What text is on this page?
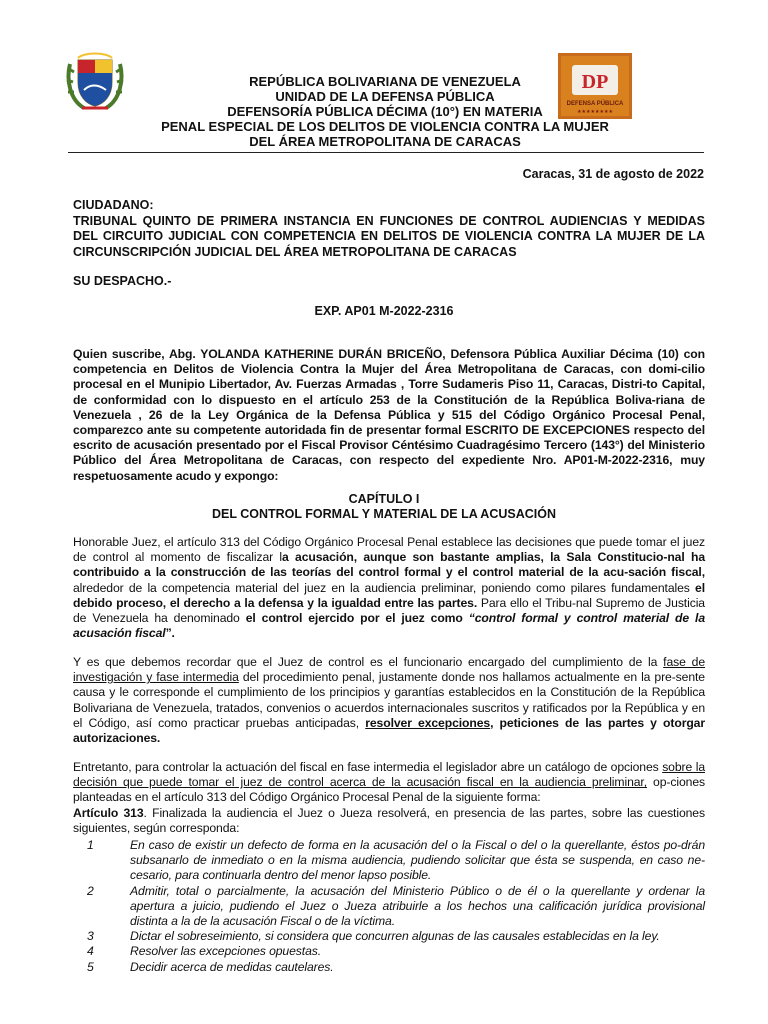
REPÚBLICA BOLIVARIANA DE VENEZUELA
UNIDAD DE LA DEFENSA PÚBLICA
DEFENSORÍA PÚBLICA DÉCIMA (10°) EN MATERIA
PENAL ESPECIAL DE LOS DELITOS DE VIOLENCIA CONTRA LA MUJER
DEL ÁREA METROPOLITANA DE CARACAS
DP
DEFENSA PÚBLICA
★★★★★★★★
Caracas, 31 de agosto de 2022
CIUDADANO:
TRIBUNAL QUINTO DE PRIMERA INSTANCIA EN FUNCIONES DE CONTROL AUDIENCIAS Y MEDIDAS DEL CIRCUITO JUDICIAL CON COMPETENCIA EN DELITOS DE VIOLENCIA CONTRA LA MUJER DE LA CIRCUNSCRIPCIÓN JUDICIAL DEL ÁREA METROPOLITANA DE CARACAS
SU DESPACHO.-
EXP. AP01 M-2022-2316
Quien suscribe, Abg. YOLANDA KATHERINE DURÁN BRICEÑO, Defensora Pública Auxiliar Décima (10) con competencia en Delitos de Violencia Contra la Mujer del Área Metropolitana de Caracas, con domi-cilio procesal en el Munipio Libertador, Av. Fuerzas Armadas , Torre Sudameris Piso 11, Caracas, Distri-to Capital, de conformidad con lo dispuesto en el artículo 253 de la Constitución de la República Boliva-riana de Venezuela , 26 de la Ley Orgánica de la Defensa Pública y 515 del Código Orgánico Procesal Penal, comparezco ante su competente autoridada fin de presentar formal ESCRITO DE EXCEPCIONES respecto del escrito de acusación presentado por el Fiscal Provisor Céntésimo Cuadragésimo Tercero (143°) del Ministerio Público del Área Metropolitana de Caracas, con respecto del expediente Nro. AP01-M-2022-2316, muy respetuosamente acudo y expongo:
CAPÍTULO I
DEL CONTROL FORMAL Y MATERIAL DE LA ACUSACIÓN
Honorable Juez, el artículo 313 del Código Orgánico Procesal Penal establece las decisiones que puede tomar el juez de control al momento de fiscalizar la acusación, aunque son bastante amplias, la Sala Constitucio-nal ha contribuido a la construcción de las teorías del control formal y el control material de la acu-sación fiscal, alrededor de la competencia material del juez en la audiencia preliminar, poniendo como pilares fundamentales el debido proceso, el derecho a la defensa y la igualdad entre las partes. Para ello el Tribu-nal Supremo de Justicia de Venezuela ha denominado el control ejercido por el juez como “control formal y control material de la acusación fiscal”.
Y es que debemos recordar que el Juez de control es el funcionario encargado del cumplimiento de la fase de investigación y fase intermedia del procedimiento penal, justamente donde nos hallamos actualmente en la pre-sente causa y le corresponde el cumplimiento de los principios y garantías establecidos en la Constitución de la República Bolivariana de Venezuela, tratados, convenios o acuerdos internacionales suscritos y ratificados por la República y en el Código, así como practicar pruebas anticipadas, resolver excepciones, peticiones de las partes y otorgar autorizaciones.
Entretanto, para controlar la actuación del fiscal en fase intermedia el legislador abre un catálogo de opciones sobre la decisión que puede tomar el juez de control acerca de la acusación fiscal en la audiencia preliminar, op-ciones planteadas en el artículo 313 del Código Orgánico Procesal Penal de la siguiente forma:
Artículo 313. Finalizada la audiencia el Juez o Jueza resolverá, en presencia de las partes, sobre las cuestiones siguientes, según corresponda:

1	En caso de existir un defecto de forma en la acusación del o la Fiscal o del o la querellante, éstos po-drán subsanarlo de inmediato o en la misma audiencia, pudiendo solicitar que ésta se suspenda, en caso ne-cesario, para continuarla dentro del menor lapso posible.

2	Admitir, total o parcialmente, la acusación del Ministerio Público o de él o la querellante y ordenar la apertura a juicio, pudiendo el Juez o Jueza atribuirle a los hechos una calificación jurídica provisional distinta a la de la acusación Fiscal o de la víctima.

3	Dictar el sobreseimiento, si considera que concurren algunas de las causales establecidas en la ley.

4	Resolver las excepciones opuestas.

5	Decidir acerca de medidas cautelares.
